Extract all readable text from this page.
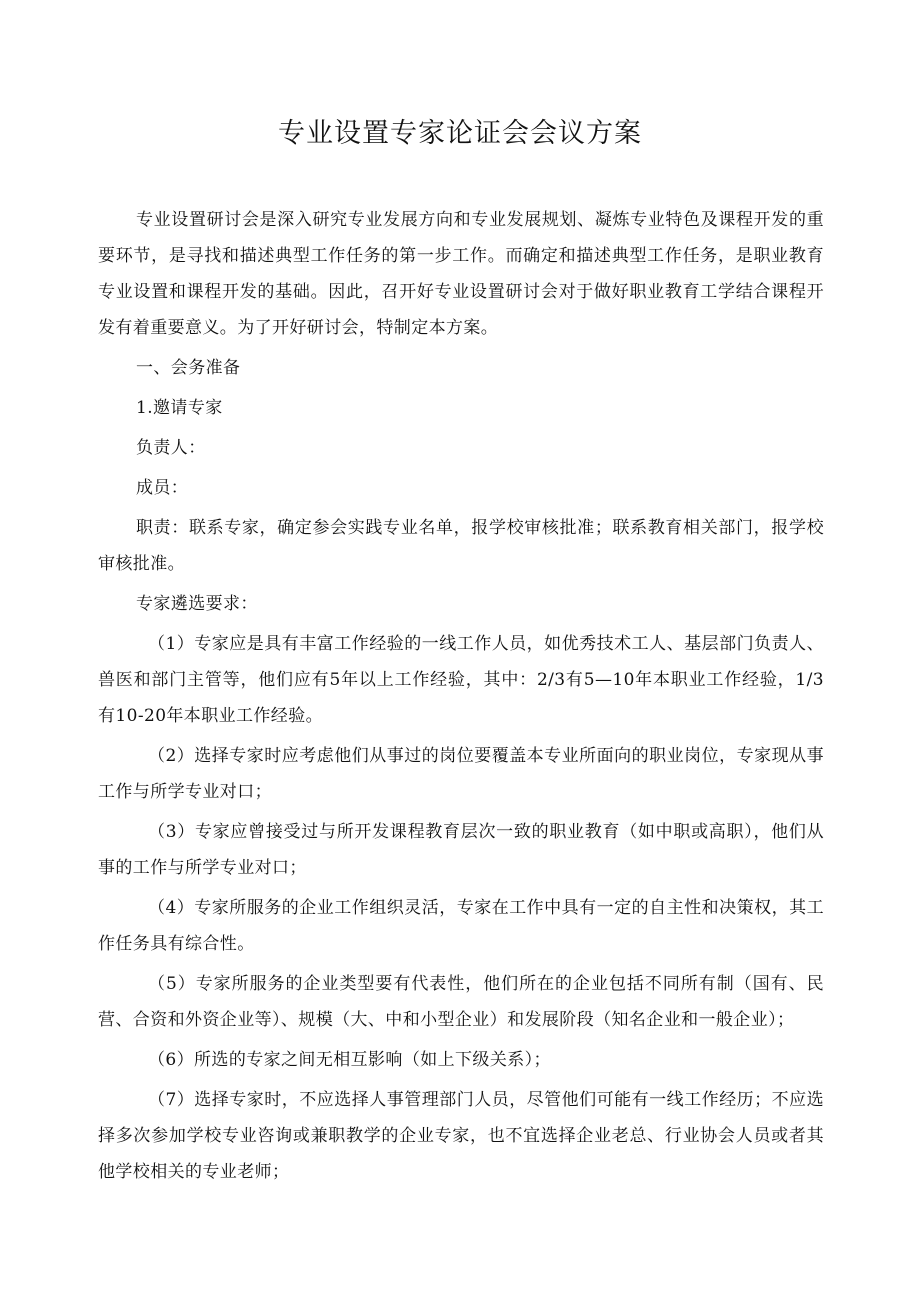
专业设置专家论证会会议方案

专业设置研讨会是深入研究专业发展方向和专业发展规划、凝炼专业特色及课程开发的重要环节，是寻找和描述典型工作任务的第一步工作。而确定和描述典型工作任务，是职业教育专业设置和课程开发的基础。因此，召开好专业设置研讨会对于做好职业教育工学结合课程开发有着重要意义。为了开好研讨会，特制定本方案。

一、会务准备

1.邀请专家

负责人：

成员：

职责：联系专家，确定参会实践专业名单，报学校审核批准；联系教育相关部门，报学校审核批准。

专家遴选要求：

（1）专家应是具有丰富工作经验的一线工作人员，如优秀技术工人、基层部门负责人、兽医和部门主管等，他们应有5年以上工作经验，其中：2/3有5—10年本职业工作经验，1/3有10-20年本职业工作经验。

（2）选择专家时应考虑他们从事过的岗位要覆盖本专业所面向的职业岗位，专家现从事工作与所学专业对口；

（3）专家应曾接受过与所开发课程教育层次一致的职业教育（如中职或高职），他们从事的工作与所学专业对口；

（4）专家所服务的企业工作组织灵活，专家在工作中具有一定的自主性和决策权，其工作任务具有综合性。

（5）专家所服务的企业类型要有代表性，他们所在的企业包括不同所有制（国有、民营、合资和外资企业等）、规模（大、中和小型企业）和发展阶段（知名企业和一般企业）；

（6）所选的专家之间无相互影响（如上下级关系）；

（7）选择专家时，不应选择人事管理部门人员，尽管他们可能有一线工作经历；不应选择多次参加学校专业咨询或兼职教学的企业专家，也不宜选择企业老总、行业协会人员或者其他学校相关的专业老师；
